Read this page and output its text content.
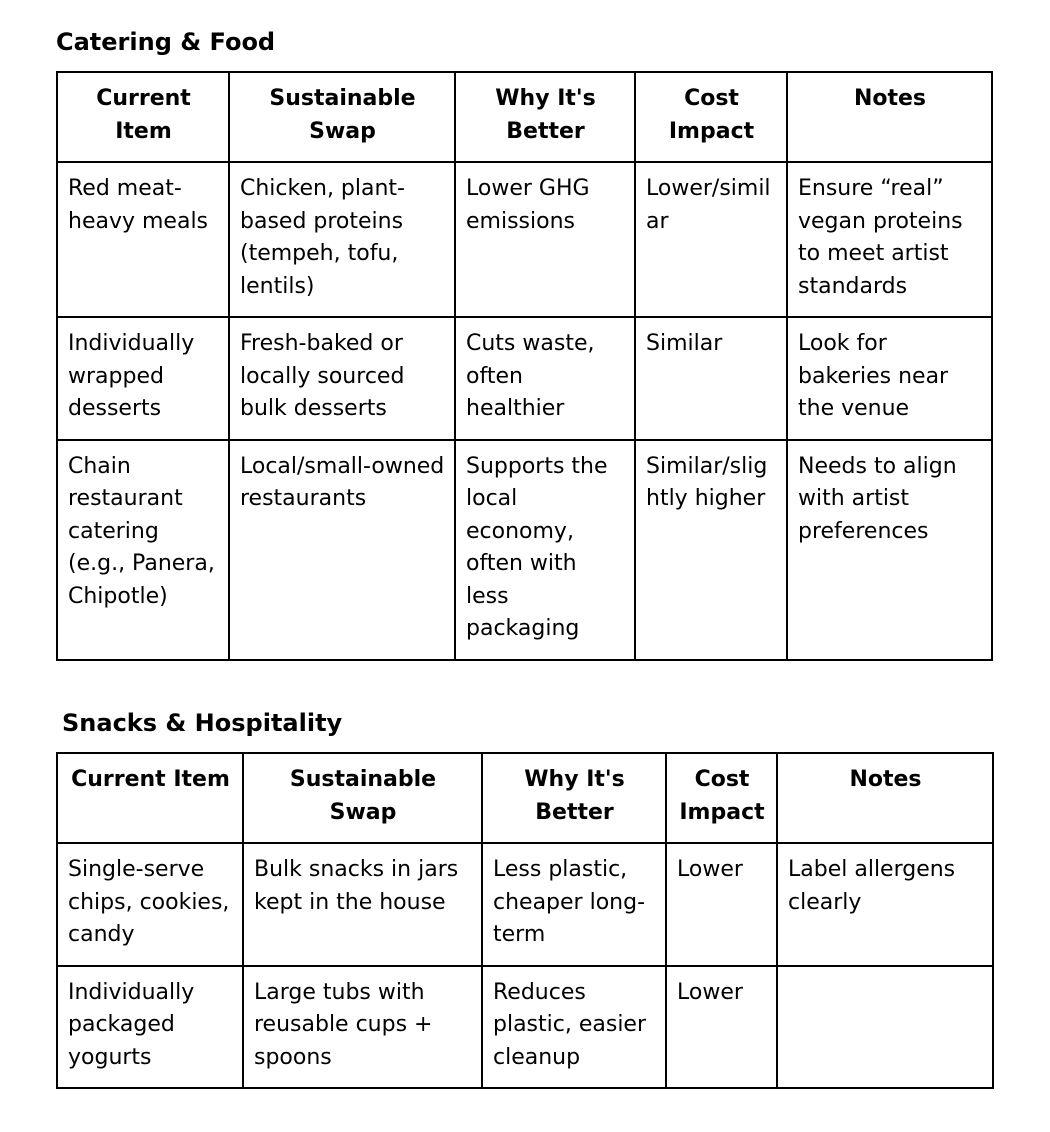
Catering & Food
Current Item	Sustainable Swap	Why It's Better	Cost Impact	Notes
Red meat-heavy meals	Chicken, plant-based proteins (tempeh, tofu, lentils)	Lower GHG emissions	Lower/similar	Ensure “real” vegan proteins to meet artist standards
Individually wrapped desserts	Fresh-baked or locally sourced bulk desserts	Cuts waste, often healthier	Similar	Look for bakeries near the venue
Chain restaurant catering (e.g., Panera, Chipotle)	Local/small-owned restaurants	Supports the local economy, often with less packaging	Similar/slightly higher	Needs to align with artist preferences
Snacks & Hospitality
Current Item	Sustainable Swap	Why It's Better	Cost Impact	Notes
Single-serve chips, cookies, candy	Bulk snacks in jars kept in the house	Less plastic, cheaper long-term	Lower	Label allergens clearly
Individually packaged yogurts	Large tubs with reusable cups + spoons	Reduces plastic, easier cleanup	Lower	
